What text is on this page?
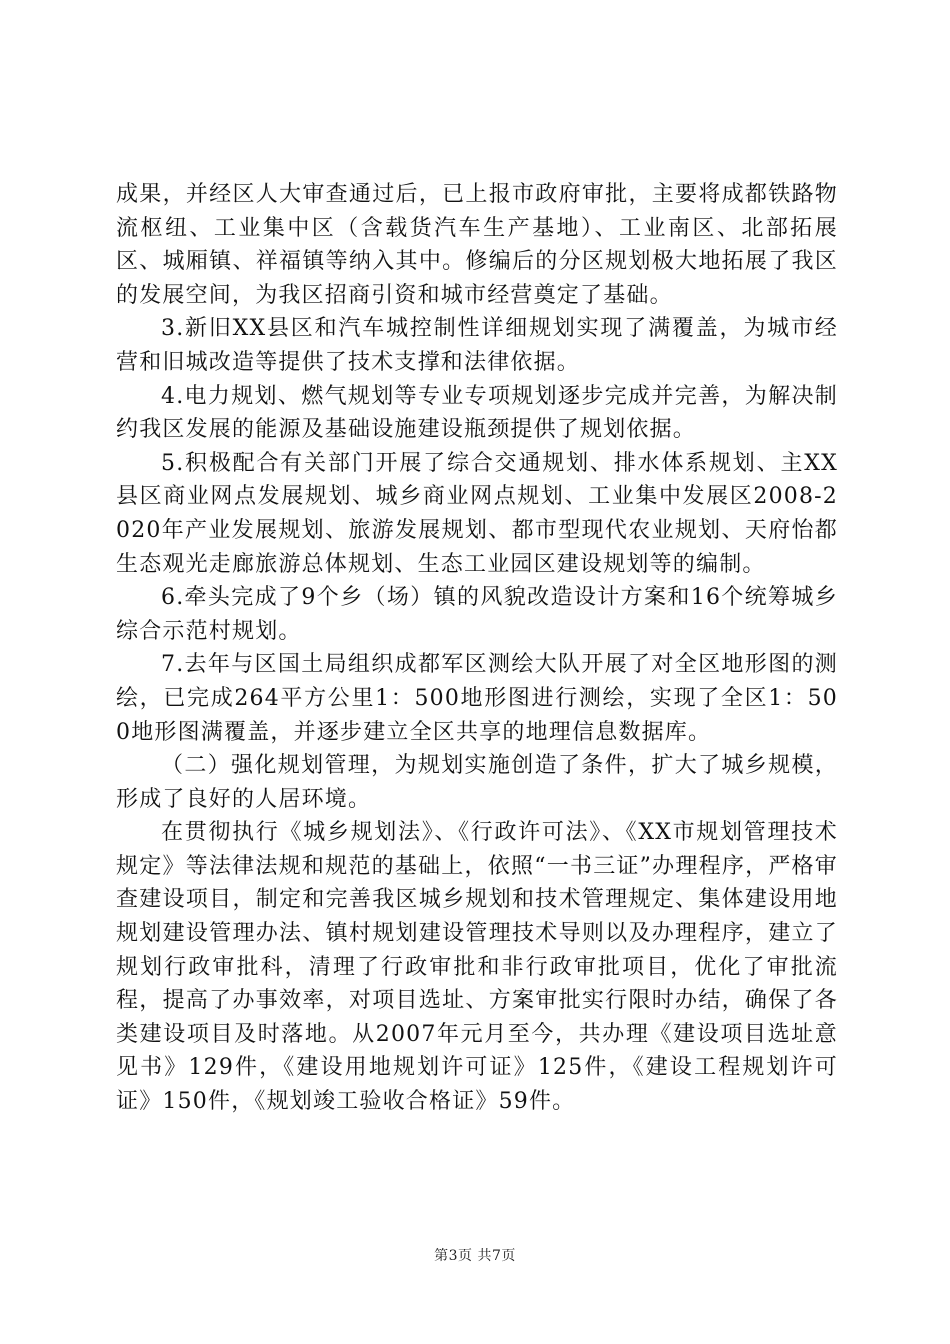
成果，并经区人大审查通过后，已上报市政府审批，主要将成都铁路物流枢纽、工业集中区（含载货汽车生产基地）、工业南区、北部拓展区、城厢镇、祥福镇等纳入其中。修编后的分区规划极大地拓展了我区的发展空间，为我区招商引资和城市经营奠定了基础。

3.新旧XX县区和汽车城控制性详细规划实现了满覆盖，为城市经营和旧城改造等提供了技术支撑和法律依据。

4.电力规划、燃气规划等专业专项规划逐步完成并完善，为解决制约我区发展的能源及基础设施建设瓶颈提供了规划依据。

5.积极配合有关部门开展了综合交通规划、排水体系规划、主XX县区商业网点发展规划、城乡商业网点规划、工业集中发展区2008-2020年产业发展规划、旅游发展规划、都市型现代农业规划、天府怡都生态观光走廊旅游总体规划、生态工业园区建设规划等的编制。

6.牵头完成了9个乡（场）镇的风貌改造设计方案和16个统筹城乡综合示范村规划。

7.去年与区国土局组织成都军区测绘大队开展了对全区地形图的测绘，已完成264平方公里1：500地形图进行测绘，实现了全区1：500地形图满覆盖，并逐步建立全区共享的地理信息数据库。

（二）强化规划管理，为规划实施创造了条件，扩大了城乡规模，形成了良好的人居环境。

在贯彻执行《城乡规划法》、《行政许可法》、《XX市规划管理技术规定》等法律法规和规范的基础上，依照“一书三证”办理程序，严格审查建设项目，制定和完善我区城乡规划和技术管理规定、集体建设用地规划建设管理办法、镇村规划建设管理技术导则以及办理程序，建立了规划行政审批科，清理了行政审批和非行政审批项目，优化了审批流程，提高了办事效率，对项目选址、方案审批实行限时办结，确保了各类建设项目及时落地。从2007年元月至今，共办理《建设项目选址意见书》129件，《建设用地规划许可证》125件，《建设工程规划许可证》150件，《规划竣工验收合格证》59件。

第3页 共7页
